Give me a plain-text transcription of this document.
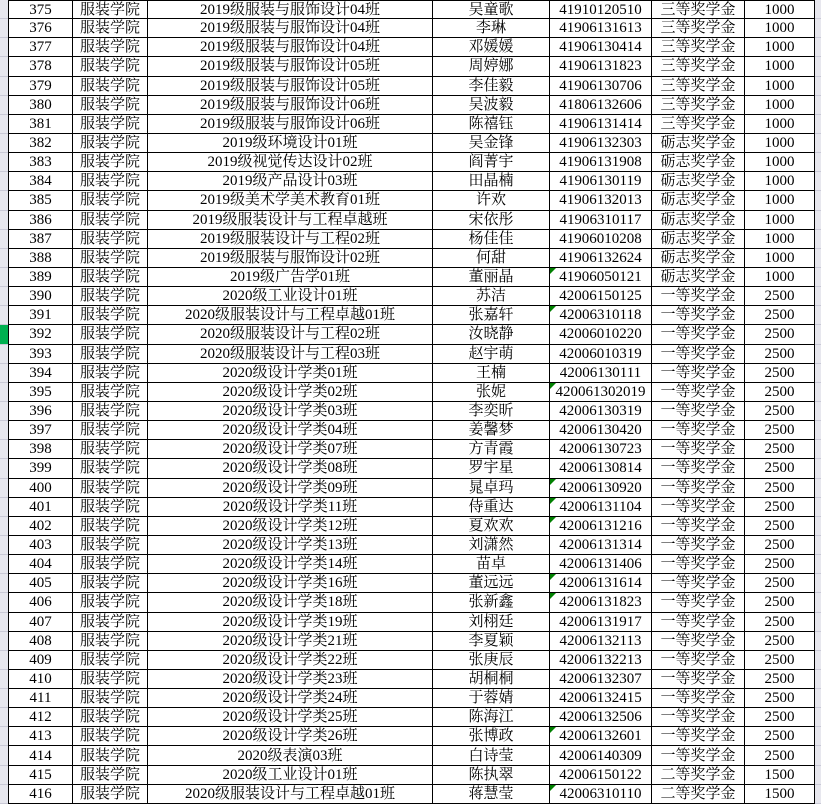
375	服装学院	2019级服装与服饰设计04班	吴童歌	41910120510	三等奖学金	1000
376	服装学院	2019级服装与服饰设计04班	李琳	41906131613	三等奖学金	1000
377	服装学院	2019级服装与服饰设计04班	邓媛媛	41906130414	三等奖学金	1000
378	服装学院	2019级服装与服饰设计05班	周婷娜	41906131823	三等奖学金	1000
379	服装学院	2019级服装与服饰设计05班	李佳毅	41906130706	三等奖学金	1000
380	服装学院	2019级服装与服饰设计06班	吴波毅	41806132606	三等奖学金	1000
381	服装学院	2019级服装与服饰设计06班	陈禧钰	41906131414	三等奖学金	1000
382	服装学院	2019级环境设计01班	吴金锋	41906132303	砺志奖学金	1000
383	服装学院	2019级视觉传达设计02班	阎菁宇	41906131908	砺志奖学金	1000
384	服装学院	2019级产品设计03班	田晶楠	41906130119	砺志奖学金	1000
385	服装学院	2019级美术学美术教育01班	许欢	41906132013	砺志奖学金	1000
386	服装学院	2019级服装设计与工程卓越班	宋依彤	41906310117	砺志奖学金	1000
387	服装学院	2019级服装设计与工程02班	杨佳佳	41906010208	砺志奖学金	1000
388	服装学院	2019级服装与服饰设计02班	何甜	41906132624	砺志奖学金	1000
389	服装学院	2019级广告学01班	董丽晶	41906050121	砺志奖学金	1000
390	服装学院	2020级工业设计01班	苏洁	42006150125	一等奖学金	2500
391	服装学院	2020级服装设计与工程卓越01班	张嘉轩	42006310118	一等奖学金	2500
392	服装学院	2020级服装设计与工程02班	汝晓静	42006010220	一等奖学金	2500
393	服装学院	2020级服装设计与工程03班	赵宇萌	42006010319	一等奖学金	2500
394	服装学院	2020级设计学类01班	王楠	42006130111	一等奖学金	2500
395	服装学院	2020级设计学类02班	张妮	420061302019 一等奖学金	2500
396	服装学院	2020级设计学类03班	李奕昕	42006130319	一等奖学金	2500
397	服装学院	2020级设计学类04班	姜馨梦	42006130420	一等奖学金	2500
398	服装学院	2020级设计学类07班	方青霞	42006130723	一等奖学金	2500
399	服装学院	2020级设计学类08班	罗宇星	42006130814	一等奖学金	2500
400	服装学院	2020级设计学类09班	晁卓玛	42006130920	一等奖学金	2500
401	服装学院	2020级设计学类11班	侍重达	42006131104	一等奖学金	2500
402	服装学院	2020级设计学类12班	夏欢欢	42006131216	一等奖学金	2500
403	服装学院	2020级设计学类13班	刘潇然	42006131314	一等奖学金	2500
404	服装学院	2020级设计学类14班	苗卓	42006131406	一等奖学金	2500
405	服装学院	2020级设计学类16班	董远远	42006131614	一等奖学金	2500
406	服装学院	2020级设计学类18班	张新鑫	42006131823	一等奖学金	2500
407	服装学院	2020级设计学类19班	刘栩廷	42006131917	一等奖学金	2500
408	服装学院	2020级设计学类21班	李夏颖	42006132113	一等奖学金	2500
409	服装学院	2020级设计学类22班	张庚辰	42006132213	一等奖学金	2500
410	服装学院	2020级设计学类23班	胡桐桐	42006132307	一等奖学金	2500
411	服装学院	2020级设计学类24班	于蓉婧	42006132415	一等奖学金	2500
412	服装学院	2020级设计学类25班	陈海江	42006132506	一等奖学金	2500
413	服装学院	2020级设计学类26班	张博政	42006132601	一等奖学金	2500
414	服装学院	2020级表演03班	白诗莹	42006140309	一等奖学金	2500
415	服装学院	2020级工业设计01班	陈执翠	42006150122	二等奖学金	1500
416	服装学院	2020级服装设计与工程卓越01班	蒋慧莹	42006310110	二等奖学金	1500
